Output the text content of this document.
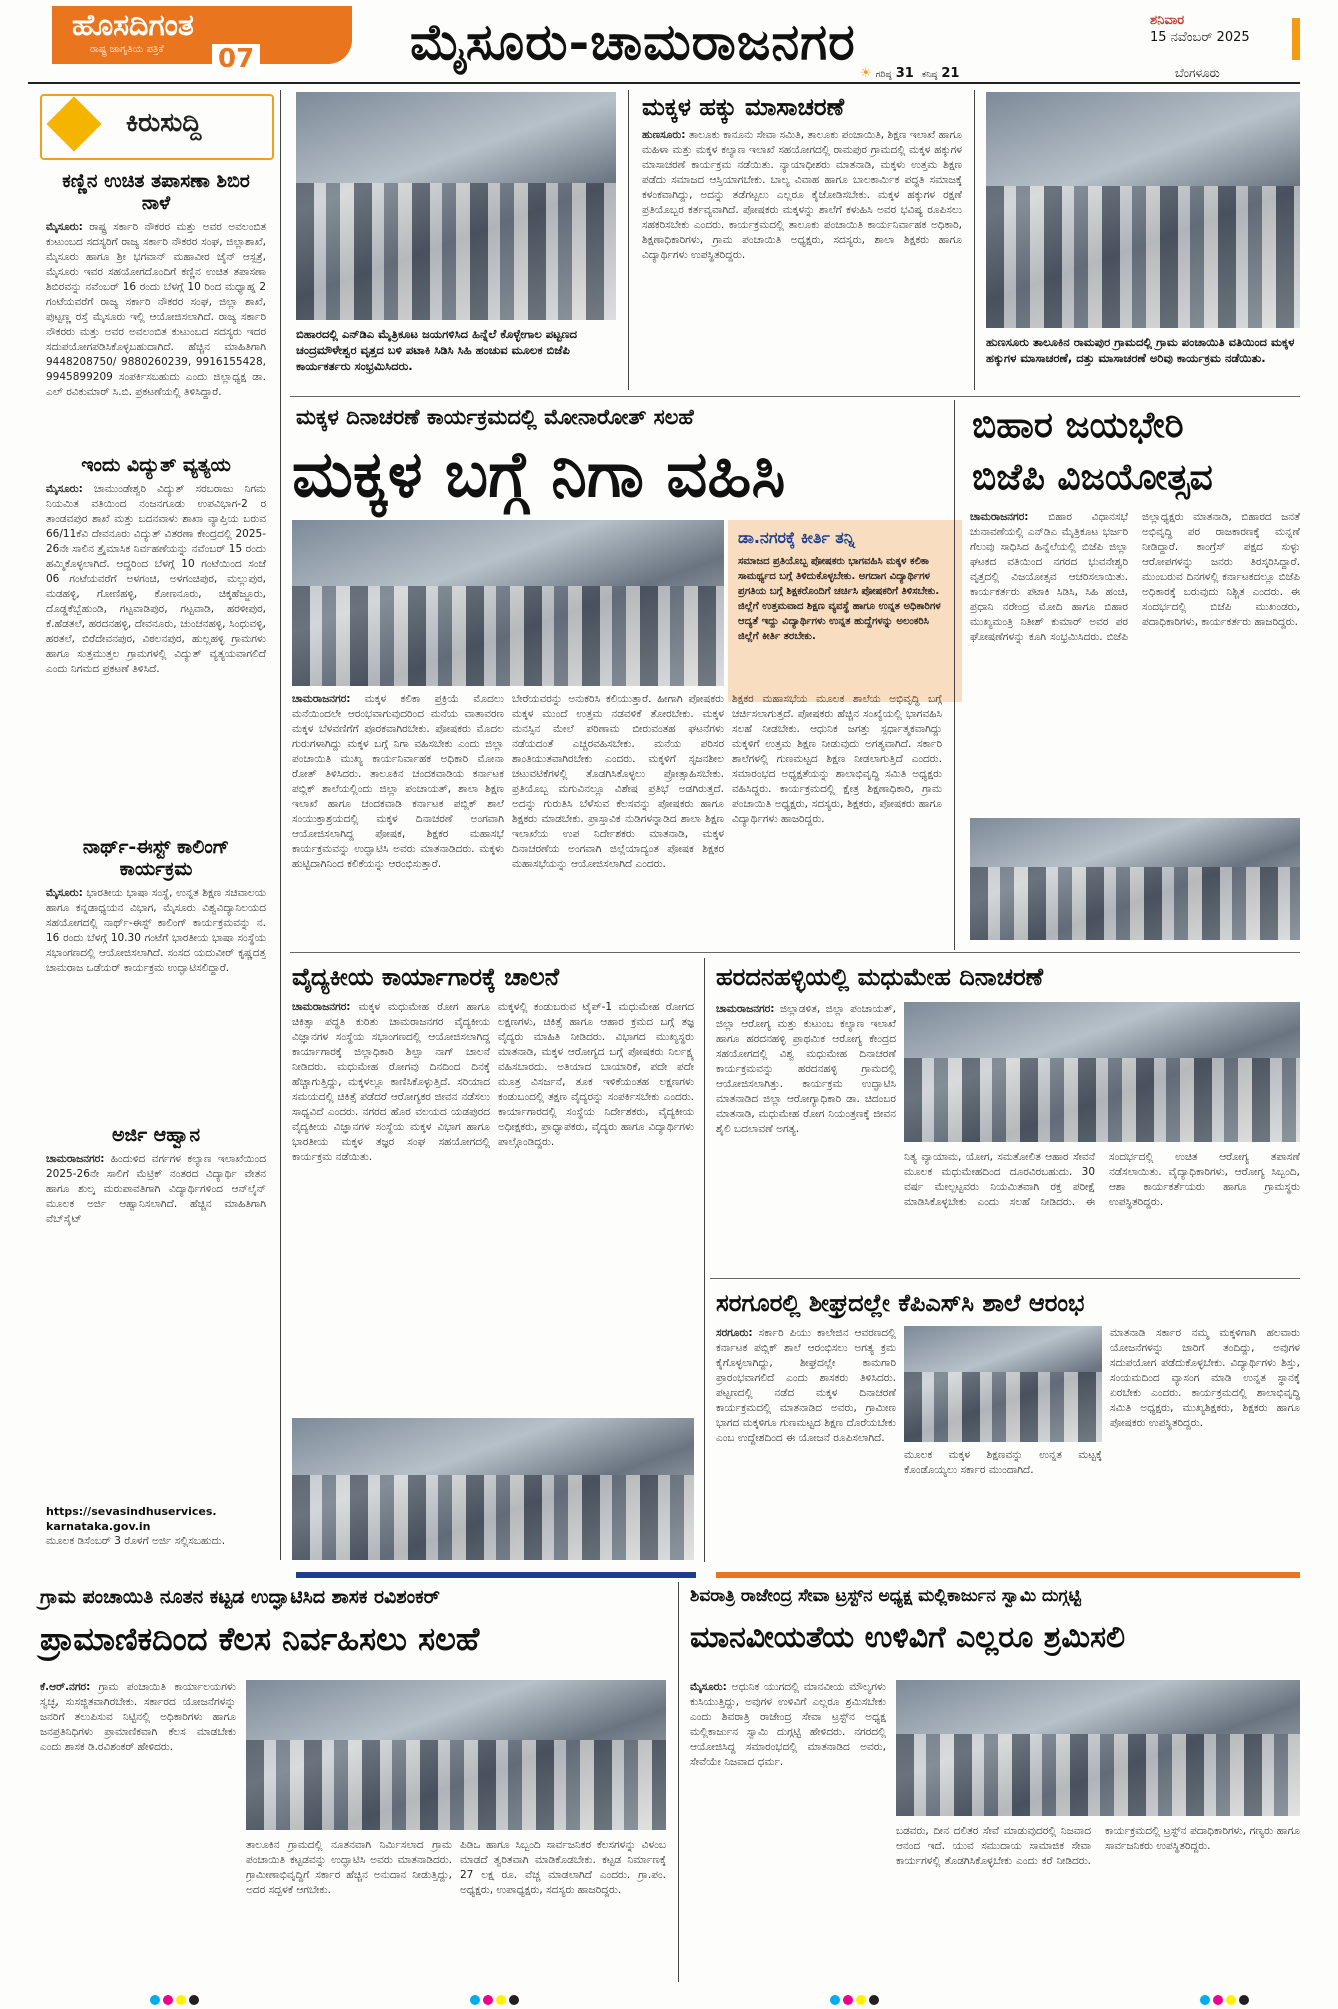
ಹೊಸದಿಗಂತ
ರಾಷ್ಟ್ರ ಜಾಗೃತಿಯ ಪತ್ರಿಕೆ 07	ಮೈಸೂರು-ಚಾಮರಾಜನಗರ	ಶನಿವಾರ
15 ನವೆಂಬರ್ 2025
☀ ಗರಿಷ್ಠ 31 ಕನಿಷ್ಠ 21	ಬೆಂಗಳೂರು
ಕಿರುಸುದ್ದಿ
ಕಣ್ಣಿನ ಉಚಿತ ತಪಾಸಣಾ ಶಿಬಿರ ನಾಳೆ
ಮೈಸೂರು: ರಾಷ್ಟ್ರ ಸರ್ಕಾರಿ ನೌಕರರ ಮತ್ತು ಅವರ ಅವಲಂಬಿತ ಕುಟುಂಬದ ಸದಸ್ಯರಿಗೆ ರಾಜ್ಯ ಸರ್ಕಾರಿ ನೌಕರರ ಸಂಘ, ಜಿಲ್ಲಾಶಾಖೆ, ಮೈಸೂರು ಹಾಗೂ ಶ್ರೀ ಭಗವಾನ್ ಮಹಾವೀರ ಜೈನ್ ಆಸ್ಪತ್ರೆ, ಮೈಸೂರು ಇವರ ಸಹಯೋಗದೊಂದಿಗೆ ಕಣ್ಣಿನ ಉಚಿತ ತಪಾಸಣಾ ಶಿಬಿರವನ್ನು ನವೆಂಬರ್ 16 ರಂದು ಬೆಳಗ್ಗೆ 10 ರಿಂದ ಮಧ್ಯಾಹ್ನ 2 ಗಂಟೆಯವರೆಗೆ ರಾಜ್ಯ ಸರ್ಕಾರಿ ನೌಕರರ ಸಂಘ, ಜಿಲ್ಲಾ ಶಾಖೆ, ಪುಟ್ಟಣ್ಣ ರಸ್ತೆ ಮೈಸೂರು ಇಲ್ಲಿ ಆಯೋಜಿಸಲಾಗಿದೆ. ರಾಜ್ಯ ಸರ್ಕಾರಿ ನೌಕರರು ಮತ್ತು ಅವರ ಅವಲಂಬಿತ ಕುಟುಂಬದ ಸದಸ್ಯರು ಇದರ ಸದುಪಯೋಗಪಡಿಸಿಕೊಳ್ಳಬಹುದಾಗಿದೆ. ಹೆಚ್ಚಿನ ಮಾಹಿತಿಗಾಗಿ 9448208750/ 9880260239, 9916155428, 9945899209 ಸಂಪರ್ಕಿಸಬಹುದು ಎಂದು ಜಿಲ್ಲಾಧ್ಯಕ್ಷ ಡಾ. ಎಲ್ ರವಿಕುಮಾರ್ ಸಿ.ಬಿ. ಪ್ರಕಟಣೆಯಲ್ಲಿ ತಿಳಿಸಿದ್ದಾರೆ.
ಇಂದು ವಿದ್ಯುತ್ ವ್ಯತ್ಯಯ
ಮೈಸೂರು: ಚಾಮುಂಡೇಶ್ವರಿ ವಿದ್ಯುತ್ ಸರಬರಾಜು ನಿಗಮ ನಿಯಮಿತ ವತಿಯಿಂದ ನಂಜನಗೂಡು ಉಪವಿಭಾಗ-2 ರ ತಾಂಡವಪುರ ಶಾಖೆ ಮತ್ತು ಬದನವಾಳು ಶಾಖಾ ವ್ಯಾಪ್ತಿಯ ಬರುವ 66/11ಕೆವಿ ದೇವನೂರು ವಿದ್ಯುತ್ ವಿತರಣಾ ಕೇಂದ್ರದಲ್ಲಿ 2025-26ನೇ ಸಾಲಿನ ತ್ರೈಮಾಸಿಕ ನಿರ್ವಹಣೆಯನ್ನು ನವೆಂಬರ್ 15 ರಂದು ಹಮ್ಮಿಕೊಳ್ಳಲಾಗಿದೆ. ಆದ್ದರಿಂದ ಬೆಳಗ್ಗೆ 10 ಗಂಟೆಯಿಂದ ಸಂಜೆ 06 ಗಂಟೆಯವರೆಗೆ ಅಳಗಂಚಿ, ಅಳಗಂಚಿಪುರ, ಮಲ್ಲುಪುರ, ಮಡಹಳ್ಳಿ, ಗೋಣಿಹಳ್ಳಿ, ಕೋಣನೂರು, ಚಿಕ್ಕಹೆಜ್ಜೂರು, ದೊಡ್ಡಕೆಬ್ಬೆಹುಂಡಿ, ಗಟ್ಟವಾಡಿಪುರ, ಗಟ್ಟವಾಡಿ, ಹರಳೀಪುರ, ಕೆ.ಹೆಡತಲೆ, ಹರದನಹಳ್ಳಿ, ದೇವನೂರು, ಚುಂಚನಹಳ್ಳಿ, ಸಿಂಧುವಳ್ಳಿ, ಹರತಲೆ, ಬಿರೆದೇವನಪುರ, ವಿಠಲನಪುರ, ಹುಲ್ಲಹಳ್ಳಿ ಗ್ರಾಮಗಳು ಹಾಗೂ ಸುತ್ತಮುತ್ತಲ ಗ್ರಾಮಗಳಲ್ಲಿ ವಿದ್ಯುತ್ ವ್ಯತ್ಯಯವಾಗಲಿದೆ ಎಂದು ನಿಗಮದ ಪ್ರಕಟಣೆ ತಿಳಿಸಿದೆ.
ನಾರ್ಥ್-ಈಸ್ಟ್ ಕಾಲಿಂಗ್ ಕಾರ್ಯಕ್ರಮ
ಮೈಸೂರು: ಭಾರತೀಯ ಭಾಷಾ ಸಂಸ್ಥೆ, ಉನ್ನತ ಶಿಕ್ಷಣ ಸಚಿವಾಲಯ ಹಾಗೂ ಕನ್ನಡಾಧ್ಯಯನ ವಿಭಾಗ, ಮೈಸೂರು ವಿಶ್ವವಿದ್ಯಾನಿಲಯದ ಸಹಯೋಗದಲ್ಲಿ ನಾರ್ಥ್-ಈಸ್ಟ್ ಕಾಲಿಂಗ್ ಕಾರ್ಯಕ್ರಮವನ್ನು ನ. 16 ರಂದು ಬೆಳಗ್ಗೆ 10.30 ಗಂಟೆಗೆ ಭಾರತೀಯ ಭಾಷಾ ಸಂಸ್ಥೆಯ ಸಭಾಂಗಣದಲ್ಲಿ ಆಯೋಜಿಸಲಾಗಿದೆ. ಸಂಸದ ಯದುವೀರ್ ಕೃಷ್ಣದತ್ತ ಚಾಮರಾಜ ಒಡೆಯರ್ ಕಾರ್ಯಕ್ರಮ ಉದ್ಘಾಟಿಸಲಿದ್ದಾರೆ.
ಅರ್ಜಿ ಆಹ್ವಾನ
ಚಾಮರಾಜನಗರ: ಹಿಂದುಳಿದ ವರ್ಗಗಳ ಕಲ್ಯಾಣ ಇಲಾಖೆಯಿಂದ 2025-26ನೇ ಸಾಲಿಗೆ ಮೆಟ್ರಿಕ್ ನಂತರದ ವಿದ್ಯಾರ್ಥಿ ವೇತನ ಹಾಗೂ ಶುಲ್ಕ ಮರುಪಾವತಿಗಾಗಿ ವಿದ್ಯಾರ್ಥಿಗಳಿಂದ ಆನ್‌ಲೈನ್ ಮೂಲಕ ಅರ್ಜಿ ಆಹ್ವಾನಿಸಲಾಗಿದೆ. ಹೆಚ್ಚಿನ ಮಾಹಿತಿಗಾಗಿ ವೆಬ್‌ಸೈಟ್
https://sevasindhuservices.
karnataka.gov.in
ಮೂಲಕ ಡಿಸೆಂಬರ್ 3 ರೊಳಗೆ ಅರ್ಜಿ ಸಲ್ಲಿಸಬಹುದು.
ಬಿಹಾರದಲ್ಲಿ ಎನ್‌ಡಿಎ ಮೈತ್ರಿಕೂಟ ಜಯಗಳಿಸಿದ ಹಿನ್ನೆಲೆ ಕೊಳ್ಳೇಗಾಲ ಪಟ್ಟಣದ ಚಂದ್ರಮೌಳೇಶ್ವರ ವೃತ್ತದ ಬಳಿ ಪಟಾಕಿ ಸಿಡಿಸಿ ಸಿಹಿ ಹಂಚುವ ಮೂಲಕ ಬಿಜೆಪಿ ಕಾರ್ಯಕರ್ತರು ಸಂಭ್ರಮಿಸಿದರು.
ಮಕ್ಕಳ ಹಕ್ಕು ಮಾಸಾಚರಣೆ
ಹುಣಸೂರು: ತಾಲೂಕು ಕಾನೂನು ಸೇವಾ ಸಮಿತಿ, ತಾಲೂಕು ಪಂಚಾಯಿತಿ, ಶಿಕ್ಷಣ ಇಲಾಖೆ ಹಾಗೂ ಮಹಿಳಾ ಮತ್ತು ಮಕ್ಕಳ ಕಲ್ಯಾಣ ಇಲಾಖೆ ಸಹಯೋಗದಲ್ಲಿ ರಾಮಪುರ ಗ್ರಾಮದಲ್ಲಿ ಮಕ್ಕಳ ಹಕ್ಕುಗಳ ಮಾಸಾಚರಣೆ ಕಾರ್ಯಕ್ರಮ ನಡೆಯಿತು. ನ್ಯಾಯಾಧೀಶರು ಮಾತನಾಡಿ, ಮಕ್ಕಳು ಉತ್ತಮ ಶಿಕ್ಷಣ ಪಡೆದು ಸಮಾಜದ ಆಸ್ತಿಯಾಗಬೇಕು. ಬಾಲ್ಯ ವಿವಾಹ ಹಾಗೂ ಬಾಲಕಾರ್ಮಿಕ ಪದ್ಧತಿ ಸಮಾಜಕ್ಕೆ ಕಳಂಕವಾಗಿದ್ದು, ಅದನ್ನು ತಡೆಗಟ್ಟಲು ಎಲ್ಲರೂ ಕೈಜೋಡಿಸಬೇಕು. ಮಕ್ಕಳ ಹಕ್ಕುಗಳ ರಕ್ಷಣೆ ಪ್ರತಿಯೊಬ್ಬರ ಕರ್ತವ್ಯವಾಗಿದೆ. ಪೋಷಕರು ಮಕ್ಕಳನ್ನು ಶಾಲೆಗೆ ಕಳುಹಿಸಿ ಅವರ ಭವಿಷ್ಯ ರೂಪಿಸಲು ಸಹಕರಿಸಬೇಕು ಎಂದರು. ಕಾರ್ಯಕ್ರಮದಲ್ಲಿ ತಾಲೂಕು ಪಂಚಾಯಿತಿ ಕಾರ್ಯನಿರ್ವಾಹಕ ಅಧಿಕಾರಿ, ಶಿಕ್ಷಣಾಧಿಕಾರಿಗಳು, ಗ್ರಾಮ ಪಂಚಾಯಿತಿ ಅಧ್ಯಕ್ಷರು, ಸದಸ್ಯರು, ಶಾಲಾ ಶಿಕ್ಷಕರು ಹಾಗೂ ವಿದ್ಯಾರ್ಥಿಗಳು ಉಪಸ್ಥಿತರಿದ್ದರು.
ಹುಣಸೂರು ತಾಲೂಕಿನ ರಾಮಪುರ ಗ್ರಾಮದಲ್ಲಿ ಗ್ರಾಮ ಪಂಚಾಯಿತಿ ವತಿಯಿಂದ ಮಕ್ಕಳ ಹಕ್ಕುಗಳ ಮಾಸಾಚರಣೆ, ದತ್ತು ಮಾಸಾಚರಣೆ ಅರಿವು ಕಾರ್ಯಕ್ರಮ ನಡೆಯಿತು.
ಮಕ್ಕಳ ದಿನಾಚರಣೆ ಕಾರ್ಯಕ್ರಮದಲ್ಲಿ ಮೋನಾರೋತ್ ಸಲಹೆ
ಮಕ್ಕಳ ಬಗ್ಗೆ ನಿಗಾ ವಹಿಸಿ
ಡಾ.ನಗರಕ್ಕೆ ಕೀರ್ತಿ ತನ್ನಿ
ಸಮಾಜದ ಪ್ರತಿಯೊಬ್ಬ ಪೋಷಕರು ಭಾಗವಹಿಸಿ ಮಕ್ಕಳ ಕಲಿಕಾ ಸಾಮರ್ಥ್ಯದ ಬಗ್ಗೆ ತಿಳಿದುಕೊಳ್ಳಬೇಕು. ಅಗದಾಗ ವಿದ್ಯಾರ್ಥಿಗಳ ಪ್ರಗತಿಯ ಬಗ್ಗೆ ಶಿಕ್ಷಕರೊಂದಿಗೆ ಚರ್ಚಿಸಿ ಪೋಷಕರಿಗೆ ತಿಳಿಸಬೇಕು. ಜಿಲ್ಲೆಗೆ ಉತ್ತಮವಾದ ಶಿಕ್ಷಣ ವ್ಯವಸ್ಥೆ ಹಾಗೂ ಉನ್ನತ ಅಧಿಕಾರಿಗಳ ಆದ್ಯತೆ ಇದ್ದು ವಿದ್ಯಾರ್ಥಿಗಳು ಉನ್ನತ ಹುದ್ದೆಗಳನ್ನು ಅಲಂಕರಿಸಿ ಜಿಲ್ಲೆಗೆ ಕೀರ್ತಿ ತರಬೇಕು.
ಚಾಮರಾಜನಗರ: ಮಕ್ಕಳ ಕಲಿಕಾ ಪ್ರಕ್ರಿಯೆ ಮೊದಲು ಮನೆಯಿಂದಲೇ ಆರಂಭವಾಗುವುದರಿಂದ ಮನೆಯ ವಾತಾವರಣ ಮಕ್ಕಳ ಬೆಳವಣಿಗೆಗೆ ಪೂರಕವಾಗಿರಬೇಕು. ಪೋಷಕರು ಮೊದಲ ಗುರುಗಳಾಗಿದ್ದು ಮಕ್ಕಳ ಬಗ್ಗೆ ನಿಗಾ ವಹಿಸಬೇಕು ಎಂದು ಜಿಲ್ಲಾ ಪಂಚಾಯಿತಿ ಮುಖ್ಯ ಕಾರ್ಯನಿರ್ವಾಹಕ ಅಧಿಕಾರಿ ಮೋನಾ ರೋತ್ ತಿಳಿಸಿದರು. ತಾಲೂಕಿನ ಚಂದಕವಾಡಿಯ ಕರ್ನಾಟಕ ಪಬ್ಲಿಕ್ ಶಾಲೆಯಲ್ಲಿಂದು ಜಿಲ್ಲಾ ಪಂಚಾಯತ್, ಶಾಲಾ ಶಿಕ್ಷಣ ಇಲಾಖೆ ಹಾಗೂ ಚಂದಕವಾಡಿ ಕರ್ನಾಟಕ ಪಬ್ಲಿಕ್ ಶಾಲೆ ಸಂಯುಕ್ತಾಶ್ರಯದಲ್ಲಿ ಮಕ್ಕಳ ದಿನಾಚರಣೆ ಅಂಗವಾಗಿ ಆಯೋಜಿಸಲಾಗಿದ್ದ ಪೋಷಕ, ಶಿಕ್ಷಕರ ಮಹಾಸಭೆ ಕಾರ್ಯಕ್ರಮವನ್ನು ಉದ್ಘಾಟಿಸಿ ಅವರು ಮಾತನಾಡಿದರು. ಮಕ್ಕಳು ಹುಟ್ಟಿದಾಗಿನಿಂದ ಕಲಿಕೆಯನ್ನು ಆರಂಭಿಸುತ್ತಾರೆ.
ಬೇರೆಯವರನ್ನು ಅನುಕರಿಸಿ ಕಲಿಯುತ್ತಾರೆ. ಹೀಗಾಗಿ ಪೋಷಕರು ಮಕ್ಕಳ ಮುಂದೆ ಉತ್ತಮ ನಡವಳಿಕೆ ತೋರಬೇಕು. ಮಕ್ಕಳ ಮನಸ್ಸಿನ ಮೇಲೆ ಪರಿಣಾಮ ಬೀರುವಂತಹ ಘಟನೆಗಳು ನಡೆಯದಂತೆ ಎಚ್ಚರವಹಿಸಬೇಕು. ಮನೆಯ ಪರಿಸರ ಶಾಂತಿಯುತವಾಗಿರಬೇಕು ಎಂದರು. ಮಕ್ಕಳಿಗೆ ಸೃಜನಶೀಲ ಚಟುವಟಿಕೆಗಳಲ್ಲಿ ತೊಡಗಿಸಿಕೊಳ್ಳಲು ಪ್ರೋತ್ಸಾಹಿಸಬೇಕು. ಪ್ರತಿಯೊಬ್ಬ ಮಗುವಿನಲ್ಲೂ ವಿಶೇಷ ಪ್ರತಿಭೆ ಅಡಗಿರುತ್ತದೆ. ಅದನ್ನು ಗುರುತಿಸಿ ಬೆಳೆಸುವ ಕೆಲಸವನ್ನು ಪೋಷಕರು ಹಾಗೂ ಶಿಕ್ಷಕರು ಮಾಡಬೇಕು. ಪ್ರಾಸ್ತಾವಿಕ ನುಡಿಗಳನ್ನಾಡಿದ ಶಾಲಾ ಶಿಕ್ಷಣ ಇಲಾಖೆಯ ಉಪ ನಿರ್ದೇಶಕರು ಮಾತನಾಡಿ, ಮಕ್ಕಳ ದಿನಾಚರಣೆಯ ಅಂಗವಾಗಿ ಜಿಲ್ಲೆಯಾದ್ಯಂತ ಪೋಷಕ ಶಿಕ್ಷಕರ ಮಹಾಸಭೆಯನ್ನು ಆಯೋಜಿಸಲಾಗಿದೆ ಎಂದರು.
ಶಿಕ್ಷಕರ ಮಹಾಸಭೆಯ ಮೂಲಕ ಶಾಲೆಯ ಅಭಿವೃದ್ಧಿ ಬಗ್ಗೆ ಚರ್ಚಿಸಲಾಗುತ್ತದೆ. ಪೋಷಕರು ಹೆಚ್ಚಿನ ಸಂಖ್ಯೆಯಲ್ಲಿ ಭಾಗವಹಿಸಿ ಸಲಹೆ ನೀಡಬೇಕು. ಆಧುನಿಕ ಜಗತ್ತು ಸ್ಪರ್ಧಾತ್ಮಕವಾಗಿದ್ದು ಮಕ್ಕಳಿಗೆ ಉತ್ತಮ ಶಿಕ್ಷಣ ನೀಡುವುದು ಅಗತ್ಯವಾಗಿದೆ. ಸರ್ಕಾರಿ ಶಾಲೆಗಳಲ್ಲಿ ಗುಣಮಟ್ಟದ ಶಿಕ್ಷಣ ನೀಡಲಾಗುತ್ತಿದೆ ಎಂದರು. ಸಮಾರಂಭದ ಅಧ್ಯಕ್ಷತೆಯನ್ನು ಶಾಲಾಭಿವೃದ್ಧಿ ಸಮಿತಿ ಅಧ್ಯಕ್ಷರು ವಹಿಸಿದ್ದರು. ಕಾರ್ಯಕ್ರಮದಲ್ಲಿ ಕ್ಷೇತ್ರ ಶಿಕ್ಷಣಾಧಿಕಾರಿ, ಗ್ರಾಮ ಪಂಚಾಯಿತಿ ಅಧ್ಯಕ್ಷರು, ಸದಸ್ಯರು, ಶಿಕ್ಷಕರು, ಪೋಷಕರು ಹಾಗೂ ವಿದ್ಯಾರ್ಥಿಗಳು ಹಾಜರಿದ್ದರು.
ಬಿಹಾರ ಜಯಭೇರಿ
ಬಿಜೆಪಿ ವಿಜಯೋತ್ಸವ
ಚಾಮರಾಜನಗರ: ಬಿಹಾರ ವಿಧಾನಸಭೆ ಚುನಾವಣೆಯಲ್ಲಿ ಎನ್‌ಡಿಎ ಮೈತ್ರಿಕೂಟ ಭರ್ಜರಿ ಗೆಲುವು ಸಾಧಿಸಿದ ಹಿನ್ನೆಲೆಯಲ್ಲಿ ಬಿಜೆಪಿ ಜಿಲ್ಲಾ ಘಟಕದ ವತಿಯಿಂದ ನಗರದ ಭುವನೇಶ್ವರಿ ವೃತ್ತದಲ್ಲಿ ವಿಜಯೋತ್ಸವ ಆಚರಿಸಲಾಯಿತು. ಕಾರ್ಯಕರ್ತರು ಪಟಾಕಿ ಸಿಡಿಸಿ, ಸಿಹಿ ಹಂಚಿ, ಪ್ರಧಾನಿ ನರೇಂದ್ರ ಮೋದಿ ಹಾಗೂ ಬಿಹಾರ ಮುಖ್ಯಮಂತ್ರಿ ನಿತೀಶ್ ಕುಮಾರ್ ಅವರ ಪರ ಘೋಷಣೆಗಳನ್ನು ಕೂಗಿ ಸಂಭ್ರಮಿಸಿದರು. ಬಿಜೆಪಿ ಜಿಲ್ಲಾಧ್ಯಕ್ಷರು ಮಾತನಾಡಿ, ಬಿಹಾರದ ಜನತೆ ಅಭಿವೃದ್ಧಿ ಪರ ರಾಜಕಾರಣಕ್ಕೆ ಮನ್ನಣೆ ನೀಡಿದ್ದಾರೆ. ಕಾಂಗ್ರೆಸ್ ಪಕ್ಷದ ಸುಳ್ಳು ಆರೋಪಗಳನ್ನು ಜನರು ತಿರಸ್ಕರಿಸಿದ್ದಾರೆ. ಮುಂಬರುವ ದಿನಗಳಲ್ಲಿ ಕರ್ನಾಟಕದಲ್ಲೂ ಬಿಜೆಪಿ ಅಧಿಕಾರಕ್ಕೆ ಬರುವುದು ನಿಶ್ಚಿತ ಎಂದರು. ಈ ಸಂದರ್ಭದಲ್ಲಿ ಬಿಜೆಪಿ ಮುಖಂಡರು, ಪದಾಧಿಕಾರಿಗಳು, ಕಾರ್ಯಕರ್ತರು ಹಾಜರಿದ್ದರು.
ವೈದ್ಯಕೀಯ ಕಾರ್ಯಾಗಾರಕ್ಕೆ ಚಾಲನೆ
ಚಾಮರಾಜನಗರ: ಮಕ್ಕಳ ಮಧುಮೇಹ ರೋಗ ಹಾಗೂ ಚಿಕಿತ್ಸಾ ಪದ್ಧತಿ ಕುರಿತು ಚಾಮರಾಜನಗರ ವೈದ್ಯಕೀಯ ವಿಜ್ಞಾನಗಳ ಸಂಸ್ಥೆಯ ಸಭಾಂಗಣದಲ್ಲಿ ಆಯೋಜಿಸಲಾಗಿದ್ದ ಕಾರ್ಯಾಗಾರಕ್ಕೆ ಜಿಲ್ಲಾಧಿಕಾರಿ ಶಿಲ್ಪಾ ನಾಗ್ ಚಾಲನೆ ನೀಡಿದರು. ಮಧುಮೇಹ ರೋಗವು ದಿನದಿಂದ ದಿನಕ್ಕೆ ಹೆಚ್ಚಾಗುತ್ತಿದ್ದು, ಮಕ್ಕಳಲ್ಲೂ ಕಾಣಿಸಿಕೊಳ್ಳುತ್ತಿದೆ. ಸರಿಯಾದ ಸಮಯದಲ್ಲಿ ಚಿಕಿತ್ಸೆ ಪಡೆದರೆ ಆರೋಗ್ಯಕರ ಜೀವನ ನಡೆಸಲು ಸಾಧ್ಯವಿದೆ ಎಂದರು. ನಗರದ ಹೊರ ವಲಯದ ಯಡಪುರದ ವೈದ್ಯಕೀಯ ವಿಜ್ಞಾನಗಳ ಸಂಸ್ಥೆಯ ಮಕ್ಕಳ ವಿಭಾಗ ಹಾಗೂ ಭಾರತೀಯ ಮಕ್ಕಳ ತಜ್ಞರ ಸಂಘ ಸಹಯೋಗದಲ್ಲಿ ಕಾರ್ಯಕ್ರಮ ನಡೆಯಿತು.
ಮಕ್ಕಳಲ್ಲಿ ಕಂಡುಬರುವ ಟೈಪ್-1 ಮಧುಮೇಹ ರೋಗದ ಲಕ್ಷಣಗಳು, ಚಿಕಿತ್ಸೆ ಹಾಗೂ ಆಹಾರ ಕ್ರಮದ ಬಗ್ಗೆ ತಜ್ಞ ವೈದ್ಯರು ಮಾಹಿತಿ ನೀಡಿದರು. ವಿಭಾಗದ ಮುಖ್ಯಸ್ಥರು ಮಾತನಾಡಿ, ಮಕ್ಕಳ ಆರೋಗ್ಯದ ಬಗ್ಗೆ ಪೋಷಕರು ನಿರ್ಲಕ್ಷ್ಯ ವಹಿಸಬಾರದು. ಅತಿಯಾದ ಬಾಯಾರಿಕೆ, ಪದೇ ಪದೇ ಮೂತ್ರ ವಿಸರ್ಜನೆ, ತೂಕ ಇಳಿಕೆಯಂತಹ ಲಕ್ಷಣಗಳು ಕಂಡುಬಂದಲ್ಲಿ ತಕ್ಷಣ ವೈದ್ಯರನ್ನು ಸಂಪರ್ಕಿಸಬೇಕು ಎಂದರು. ಕಾರ್ಯಾಗಾರದಲ್ಲಿ ಸಂಸ್ಥೆಯ ನಿರ್ದೇಶಕರು, ವೈದ್ಯಕೀಯ ಅಧೀಕ್ಷಕರು, ಪ್ರಾಧ್ಯಾಪಕರು, ವೈದ್ಯರು ಹಾಗೂ ವಿದ್ಯಾರ್ಥಿಗಳು ಪಾಲ್ಗೊಂಡಿದ್ದರು.
ಹರದನಹಳ್ಳಿಯಲ್ಲಿ ಮಧುಮೇಹ ದಿನಾಚರಣೆ
ಚಾಮರಾಜನಗರ: ಜಿಲ್ಲಾಡಳಿತ, ಜಿಲ್ಲಾ ಪಂಚಾಯತ್, ಜಿಲ್ಲಾ ಆರೋಗ್ಯ ಮತ್ತು ಕುಟುಂಬ ಕಲ್ಯಾಣ ಇಲಾಖೆ ಹಾಗೂ ಹರದನಹಳ್ಳಿ ಪ್ರಾಥಮಿಕ ಆರೋಗ್ಯ ಕೇಂದ್ರದ ಸಹಯೋಗದಲ್ಲಿ ವಿಶ್ವ ಮಧುಮೇಹ ದಿನಾಚರಣೆ ಕಾರ್ಯಕ್ರಮವನ್ನು ಹರದನಹಳ್ಳಿ ಗ್ರಾಮದಲ್ಲಿ ಆಯೋಜಿಸಲಾಗಿತ್ತು. ಕಾರ್ಯಕ್ರಮ ಉದ್ಘಾಟಿಸಿ ಮಾತನಾಡಿದ ಜಿಲ್ಲಾ ಆರೋಗ್ಯಾಧಿಕಾರಿ ಡಾ. ಚಿದಂಬರ ಮಾತನಾಡಿ, ಮಧುಮೇಹ ರೋಗ ನಿಯಂತ್ರಣಕ್ಕೆ ಜೀವನ ಶೈಲಿ ಬದಲಾವಣೆ ಅಗತ್ಯ.
ನಿತ್ಯ ವ್ಯಾಯಾಮ, ಯೋಗ, ಸಮತೋಲಿತ ಆಹಾರ ಸೇವನೆ ಮೂಲಕ ಮಧುಮೇಹದಿಂದ ದೂರವಿರಬಹುದು. 30 ವರ್ಷ ಮೇಲ್ಪಟ್ಟವರು ನಿಯಮಿತವಾಗಿ ರಕ್ತ ಪರೀಕ್ಷೆ ಮಾಡಿಸಿಕೊಳ್ಳಬೇಕು ಎಂದು ಸಲಹೆ ನೀಡಿದರು. ಈ ಸಂದರ್ಭದಲ್ಲಿ ಉಚಿತ ಆರೋಗ್ಯ ತಪಾಸಣೆ ನಡೆಸಲಾಯಿತು. ವೈದ್ಯಾಧಿಕಾರಿಗಳು, ಆರೋಗ್ಯ ಸಿಬ್ಬಂದಿ, ಆಶಾ ಕಾರ್ಯಕರ್ತೆಯರು ಹಾಗೂ ಗ್ರಾಮಸ್ಥರು ಉಪಸ್ಥಿತರಿದ್ದರು.
ಸರಗೂರಲ್ಲಿ ಶೀಘ್ರದಲ್ಲೇ ಕೆಪಿಎಸ್‌ಸಿ ಶಾಲೆ ಆರಂಭ
ಸರಗೂರು: ಸರ್ಕಾರಿ ಪಿಯು ಕಾಲೇಜಿನ ಆವರಣದಲ್ಲಿ ಕರ್ನಾಟಕ ಪಬ್ಲಿಕ್ ಶಾಲೆ ಆರಂಭಿಸಲು ಅಗತ್ಯ ಕ್ರಮ ಕೈಗೊಳ್ಳಲಾಗಿದ್ದು, ಶೀಘ್ರದಲ್ಲೇ ಕಾಮಗಾರಿ ಪ್ರಾರಂಭವಾಗಲಿದೆ ಎಂದು ಶಾಸಕರು ತಿಳಿಸಿದರು. ಪಟ್ಟಣದಲ್ಲಿ ನಡೆದ ಮಕ್ಕಳ ದಿನಾಚರಣೆ ಕಾರ್ಯಕ್ರಮದಲ್ಲಿ ಮಾತನಾಡಿದ ಅವರು, ಗ್ರಾಮೀಣ ಭಾಗದ ಮಕ್ಕಳಿಗೂ ಗುಣಮಟ್ಟದ ಶಿಕ್ಷಣ ದೊರೆಯಬೇಕು ಎಂಬ ಉದ್ದೇಶದಿಂದ ಈ ಯೋಜನೆ ರೂಪಿಸಲಾಗಿದೆ.
ಮೂಲಕ ಮಕ್ಕಳ ಶಿಕ್ಷಣವನ್ನು ಉನ್ನತ ಮಟ್ಟಕ್ಕೆ ಕೊಂಡೊಯ್ಯಲು ಸರ್ಕಾರ ಮುಂದಾಗಿದೆ.
ಮಾತನಾಡಿ ಸರ್ಕಾರ ನಮ್ಮ ಮಕ್ಕಳಿಗಾಗಿ ಹಲವಾರು ಯೋಜನೆಗಳನ್ನು ಜಾರಿಗೆ ತಂದಿದ್ದು, ಅವುಗಳ ಸದುಪಯೋಗ ಪಡೆದುಕೊಳ್ಳಬೇಕು. ವಿದ್ಯಾರ್ಥಿಗಳು ಶಿಸ್ತು, ಸಂಯಮದಿಂದ ವ್ಯಾಸಂಗ ಮಾಡಿ ಉನ್ನತ ಸ್ಥಾನಕ್ಕೆ ಏರಬೇಕು ಎಂದರು. ಕಾರ್ಯಕ್ರಮದಲ್ಲಿ ಶಾಲಾಭಿವೃದ್ಧಿ ಸಮಿತಿ ಅಧ್ಯಕ್ಷರು, ಮುಖ್ಯಶಿಕ್ಷಕರು, ಶಿಕ್ಷಕರು ಹಾಗೂ ಪೋಷಕರು ಉಪಸ್ಥಿತರಿದ್ದರು.
ಗ್ರಾಮ ಪಂಚಾಯಿತಿ ನೂತನ ಕಟ್ಟಡ ಉದ್ಘಾಟಿಸಿದ ಶಾಸಕ ರವಿಶಂಕರ್
ಪ್ರಾಮಾಣಿಕದಿಂದ ಕೆಲಸ ನಿರ್ವಹಿಸಲು ಸಲಹೆ
ಕೆ.ಆರ್.ನಗರ: ಗ್ರಾಮ ಪಂಚಾಯಿತಿ ಕಾರ್ಯಾಲಯಗಳು ಸ್ವಚ್ಛ, ಸುಸಜ್ಜಿತವಾಗಿರಬೇಕು. ಸರ್ಕಾರದ ಯೋಜನೆಗಳನ್ನು ಜನರಿಗೆ ತಲುಪಿಸುವ ನಿಟ್ಟಿನಲ್ಲಿ ಅಧಿಕಾರಿಗಳು ಹಾಗೂ ಜನಪ್ರತಿನಿಧಿಗಳು ಪ್ರಾಮಾಣಿಕವಾಗಿ ಕೆಲಸ ಮಾಡಬೇಕು ಎಂದು ಶಾಸಕ ಡಿ.ರವಿಶಂಕರ್ ಹೇಳಿದರು.
ತಾಲೂಕಿನ ಗ್ರಾಮದಲ್ಲಿ ನೂತನವಾಗಿ ನಿರ್ಮಿಸಲಾದ ಗ್ರಾಮ ಪಂಚಾಯಿತಿ ಕಟ್ಟಡವನ್ನು ಉದ್ಘಾಟಿಸಿ ಅವರು ಮಾತನಾಡಿದರು. ಗ್ರಾಮೀಣಾಭಿವೃದ್ಧಿಗೆ ಸರ್ಕಾರ ಹೆಚ್ಚಿನ ಅನುದಾನ ನೀಡುತ್ತಿದ್ದು, ಅದರ ಸದ್ಬಳಕೆ ಆಗಬೇಕು.
ಪಿಡಿಒ ಹಾಗೂ ಸಿಬ್ಬಂದಿ ಸಾರ್ವಜನಿಕರ ಕೆಲಸಗಳನ್ನು ವಿಳಂಬ ಮಾಡದೆ ತ್ವರಿತವಾಗಿ ಮಾಡಿಕೊಡಬೇಕು. ಕಟ್ಟಡ ನಿರ್ಮಾಣಕ್ಕೆ 27 ಲಕ್ಷ ರೂ. ವೆಚ್ಚ ಮಾಡಲಾಗಿದೆ ಎಂದರು. ಗ್ರಾ.ಪಂ. ಅಧ್ಯಕ್ಷರು, ಉಪಾಧ್ಯಕ್ಷರು, ಸದಸ್ಯರು ಹಾಜರಿದ್ದರು.
ಶಿವರಾತ್ರಿ ರಾಜೇಂದ್ರ ಸೇವಾ ಟ್ರಸ್ಟ್‌ನ ಅಧ್ಯಕ್ಷ ಮಲ್ಲಿಕಾರ್ಜುನ ಸ್ವಾಮಿ ದುಗ್ಗಟ್ಟಿ
ಮಾನವೀಯತೆಯ ಉಳಿವಿಗೆ ಎಲ್ಲರೂ ಶ್ರಮಿಸಲಿ
ಮೈಸೂರು: ಅಧುನಿಕ ಯುಗದಲ್ಲಿ ಮಾನವೀಯ ಮೌಲ್ಯಗಳು ಕುಸಿಯುತ್ತಿದ್ದು, ಅವುಗಳ ಉಳಿವಿಗೆ ಎಲ್ಲರೂ ಶ್ರಮಿಸಬೇಕು ಎಂದು ಶಿವರಾತ್ರಿ ರಾಜೇಂದ್ರ ಸೇವಾ ಟ್ರಸ್ಟ್‌ನ ಅಧ್ಯಕ್ಷ ಮಲ್ಲಿಕಾರ್ಜುನ ಸ್ವಾಮಿ ದುಗ್ಗಟ್ಟಿ ಹೇಳಿದರು. ನಗರದಲ್ಲಿ ಆಯೋಜಿಸಿದ್ದ ಸಮಾರಂಭದಲ್ಲಿ ಮಾತನಾಡಿದ ಅವರು, ಸೇವೆಯೇ ನಿಜವಾದ ಧರ್ಮ.
ಬಡವರು, ದೀನ ದಲಿತರ ಸೇವೆ ಮಾಡುವುದರಲ್ಲಿ ನಿಜವಾದ ಆನಂದ ಇದೆ. ಯುವ ಸಮುದಾಯ ಸಾಮಾಜಿಕ ಸೇವಾ ಕಾರ್ಯಗಳಲ್ಲಿ ತೊಡಗಿಸಿಕೊಳ್ಳಬೇಕು ಎಂದು ಕರೆ ನೀಡಿದರು. ಕಾರ್ಯಕ್ರಮದಲ್ಲಿ ಟ್ರಸ್ಟ್‌ನ ಪದಾಧಿಕಾರಿಗಳು, ಗಣ್ಯರು ಹಾಗೂ ಸಾರ್ವಜನಿಕರು ಉಪಸ್ಥಿತರಿದ್ದರು.
